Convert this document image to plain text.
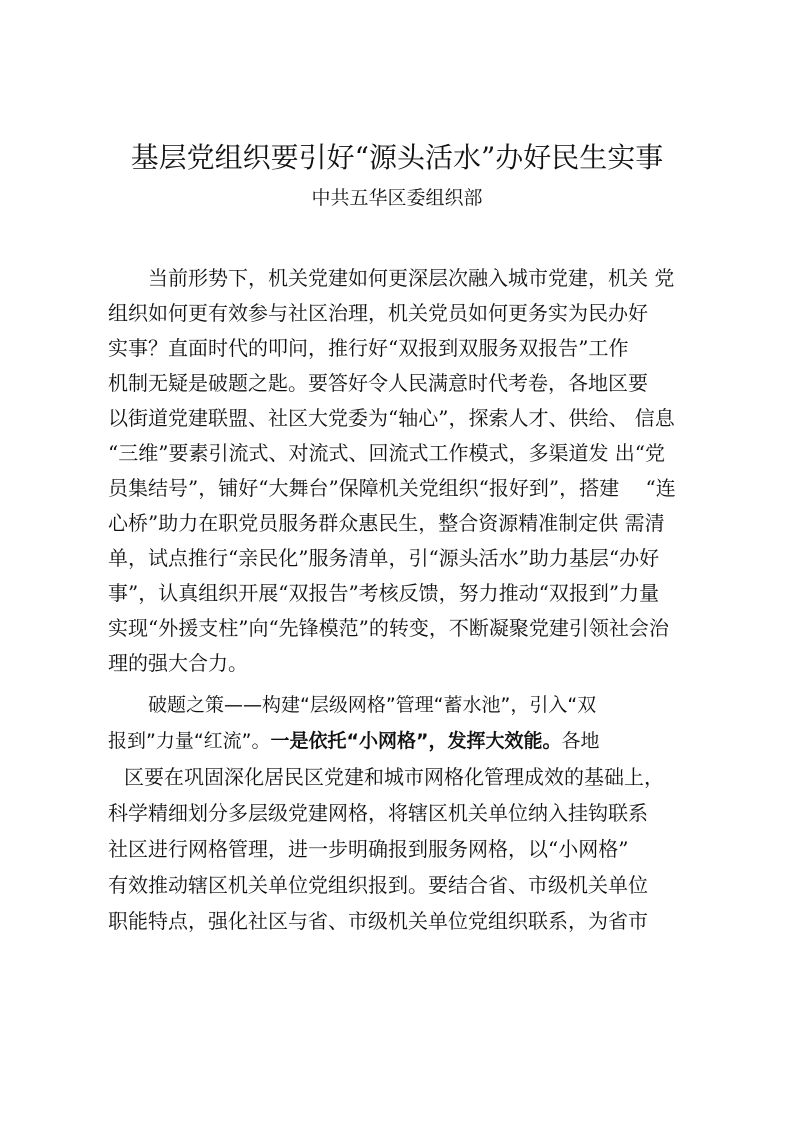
基层党组织要引好“源头活水”办好民生实事
中共五华区委组织部
当前形势下，机关党建如何更深层次融入城市党建，机关 党
组织如何更有效参与社区治理，机关党员如何更务实为民办好
实事？直面时代的叩问，推行好“双报到双服务双报告”工作
机制无疑是破题之匙。要答好令人民满意时代考卷，各地区要
以街道党建联盟、社区大党委为“轴心”，探索人才、供给、 信息
“三维”要素引流式、对流式、回流式工作模式，多渠道发 出“党
员集结号”，铺好“大舞台”保障机关党组织“报好到”，搭建　 “连
心桥”助力在职党员服务群众惠民生，整合资源精准制定供 需清
单，试点推行“亲民化”服务清单，引“源头活水”助力基层“办好
事”，认真组织开展“双报告”考核反馈，努力推动“双报到”力量
实现“外援支柱”向“先锋模范”的转变，不断凝聚党建引领社会治
理的强大合力。
破题之策——构建“层级网格”管理“蓄水池”，引入“双
报到”力量“红流”。一是依托“小网格”，发挥大效能。各地
区要在巩固深化居民区党建和城市网格化管理成效的基础上，
科学精细划分多层级党建网格，将辖区机关单位纳入挂钩联系
社区进行网格管理，进一步明确报到服务网格，以“小网格”
有效推动辖区机关单位党组织报到。要结合省、市级机关单位
职能特点，强化社区与省、市级机关单位党组织联系，为省市
